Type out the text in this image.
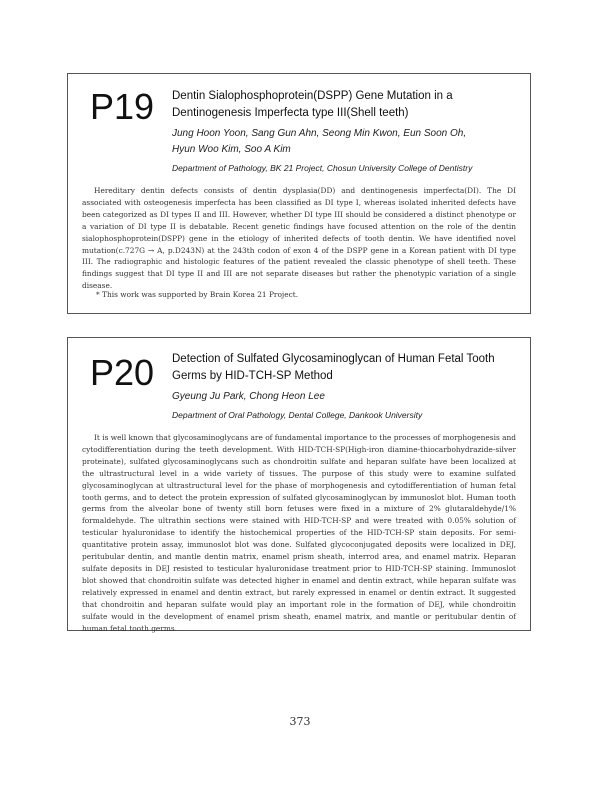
P19 Dentin Sialophosphoprotein(DSPP) Gene Mutation in a
Dentinogenesis Imperfecta type III(Shell teeth)
Jung Hoon Yoon, Sang Gun Ahn, Seong Min Kwon, Eun Soon Oh,
Hyun Woo Kim, Soo A Kim
Department of Pathology, BK 21 Project, Chosun University College of Dentistry

Hereditary dentin defects consists of dentin dysplasia(DD) and dentinogenesis imperfecta(DI). The DI associated with osteogenesis imperfecta has been classified as DI type I, whereas isolated inherited defects have been categorized as DI types II and III. However, whether DI type III should be considered a distinct phenotype or a variation of DI type II is debatable. Recent genetic findings have focused attention on the role of the dentin sialophosphoprotein(DSPP) gene in the etiology of inherited defects of tooth dentin. We have identified novel mutation(c.727G → A, p.D243N) at the 243th codon of exon 4 of the DSPP gene in a Korean patient with DI type III. The radiographic and histologic features of the patient revealed the classic phenotype of shell teeth. These findings suggest that DI type II and III are not separate diseases but rather the phenotypic variation of a single disease.

* This work was supported by Brain Korea 21 Project.
P20 Detection of Sulfated Glycosaminoglycan of Human Fetal Tooth
Germs by HID-TCH-SP Method
Gyeung Ju Park, Chong Heon Lee
Department of Oral Pathology, Dental College, Dankook University

It is well known that glycosaminoglycans are of fundamental importance to the processes of morphogenesis and cytodifferentiation during the teeth development. With HID-TCH-SP(High-iron diamine-thiocarbohydrazide-silver proteinate), sulfated glycosaminoglycans such as chondroitin sulfate and heparan sulfate have been localized at the ultrastructural level in a wide variety of tissues. The purpose of this study were to examine sulfated glycosaminoglycan at ultrastructural level for the phase of morphogenesis and cytodifferentiation of human fetal tooth germs, and to detect the protein expression of sulfated glycosaminoglycan by immunoslot blot. Human tooth germs from the alveolar bone of twenty still born fetuses were fixed in a mixture of 2% glutaraldehyde/1% formaldehyde. The ultrathin sections were stained with HID-TCH-SP and were treated with 0.05% solution of testicular hyaluronidase to identify the histochemical properties of the HID-TCH-SP stain deposits. For semi-quantitative protein assay, immunoslot blot was done. Sulfated glycoconjugated deposits were localized in DEJ, peritubular dentin, and mantle dentin matrix, enamel prism sheath, interrod area, and enamel matrix. Heparan sulfate deposits in DEJ resisted to testicular hyaluronidase treatment prior to HID-TCH-SP staining. Immunoslot blot showed that chondroitin sulfate was detected higher in enamel and dentin extract, while heparan sulfate was relatively expressed in enamel and dentin extract, but rarely expressed in enamel or dentin extract. It suggested that chondroitin and heparan sulfate would play an important role in the formation of DEJ, while chondroitin sulfate would in the development of enamel prism sheath, enamel matrix, and mantle or peritubular dentin of human fetal tooth germs.

373
